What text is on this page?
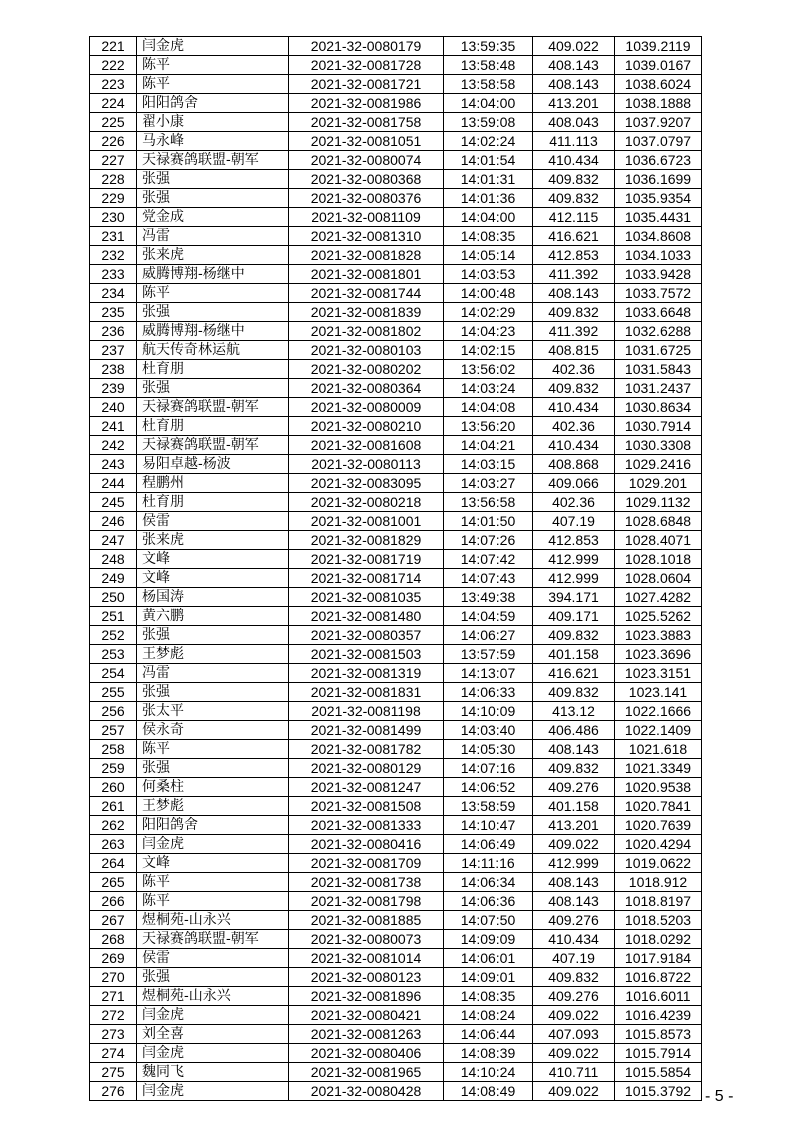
221	闫金虎	2021-32-0080179	13:59:35	409.022	1039.2119
222	陈平	2021-32-0081728	13:58:48	408.143	1039.0167
223	陈平	2021-32-0081721	13:58:58	408.143	1038.6024
224	阳阳鸽舍	2021-32-0081986	14:04:00	413.201	1038.1888
225	翟小康	2021-32-0081758	13:59:08	408.043	1037.9207
226	马永峰	2021-32-0081051	14:02:24	411.113	1037.0797
227	天禄赛鸽联盟-朝军	2021-32-0080074	14:01:54	410.434	1036.6723
228	张强	2021-32-0080368	14:01:31	409.832	1036.1699
229	张强	2021-32-0080376	14:01:36	409.832	1035.9354
230	党金成	2021-32-0081109	14:04:00	412.115	1035.4431
231	冯雷	2021-32-0081310	14:08:35	416.621	1034.8608
232	张来虎	2021-32-0081828	14:05:14	412.853	1034.1033
233	威腾博翔-杨继中	2021-32-0081801	14:03:53	411.392	1033.9428
234	陈平	2021-32-0081744	14:00:48	408.143	1033.7572
235	张强	2021-32-0081839	14:02:29	409.832	1033.6648
236	威腾博翔-杨继中	2021-32-0081802	14:04:23	411.392	1032.6288
237	航天传奇林运航	2021-32-0080103	14:02:15	408.815	1031.6725
238	杜育朋	2021-32-0080202	13:56:02	402.36	1031.5843
239	张强	2021-32-0080364	14:03:24	409.832	1031.2437
240	天禄赛鸽联盟-朝军	2021-32-0080009	14:04:08	410.434	1030.8634
241	杜育朋	2021-32-0080210	13:56:20	402.36	1030.7914
242	天禄赛鸽联盟-朝军	2021-32-0081608	14:04:21	410.434	1030.3308
243	易阳卓越-杨波	2021-32-0080113	14:03:15	408.868	1029.2416
244	程鹏州	2021-32-0083095	14:03:27	409.066	1029.201
245	杜育朋	2021-32-0080218	13:56:58	402.36	1029.1132
246	侯雷	2021-32-0081001	14:01:50	407.19	1028.6848
247	张来虎	2021-32-0081829	14:07:26	412.853	1028.4071
248	文峰	2021-32-0081719	14:07:42	412.999	1028.1018
249	文峰	2021-32-0081714	14:07:43	412.999	1028.0604
250	杨国涛	2021-32-0081035	13:49:38	394.171	1027.4282
251	黄六鹏	2021-32-0081480	14:04:59	409.171	1025.5262
252	张强	2021-32-0080357	14:06:27	409.832	1023.3883
253	王梦彪	2021-32-0081503	13:57:59	401.158	1023.3696
254	冯雷	2021-32-0081319	14:13:07	416.621	1023.3151
255	张强	2021-32-0081831	14:06:33	409.832	1023.141
256	张太平	2021-32-0081198	14:10:09	413.12	1022.1666
257	侯永奇	2021-32-0081499	14:03:40	406.486	1022.1409
258	陈平	2021-32-0081782	14:05:30	408.143	1021.618
259	张强	2021-32-0080129	14:07:16	409.832	1021.3349
260	何桑柱	2021-32-0081247	14:06:52	409.276	1020.9538
261	王梦彪	2021-32-0081508	13:58:59	401.158	1020.7841
262	阳阳鸽舍	2021-32-0081333	14:10:47	413.201	1020.7639
263	闫金虎	2021-32-0080416	14:06:49	409.022	1020.4294
264	文峰	2021-32-0081709	14:11:16	412.999	1019.0622
265	陈平	2021-32-0081738	14:06:34	408.143	1018.912
266	陈平	2021-32-0081798	14:06:36	408.143	1018.8197
267	煜桐苑-山永兴	2021-32-0081885	14:07:50	409.276	1018.5203
268	天禄赛鸽联盟-朝军	2021-32-0080073	14:09:09	410.434	1018.0292
269	侯雷	2021-32-0081014	14:06:01	407.19	1017.9184
270	张强	2021-32-0080123	14:09:01	409.832	1016.8722
271	煜桐苑-山永兴	2021-32-0081896	14:08:35	409.276	1016.6011
272	闫金虎	2021-32-0080421	14:08:24	409.022	1016.4239
273	刘全喜	2021-32-0081263	14:06:44	407.093	1015.8573
274	闫金虎	2021-32-0080406	14:08:39	409.022	1015.7914
275	魏同飞	2021-32-0081965	14:10:24	410.711	1015.5854
276	闫金虎	2021-32-0080428	14:08:49	409.022	1015.3792 - 5 -
